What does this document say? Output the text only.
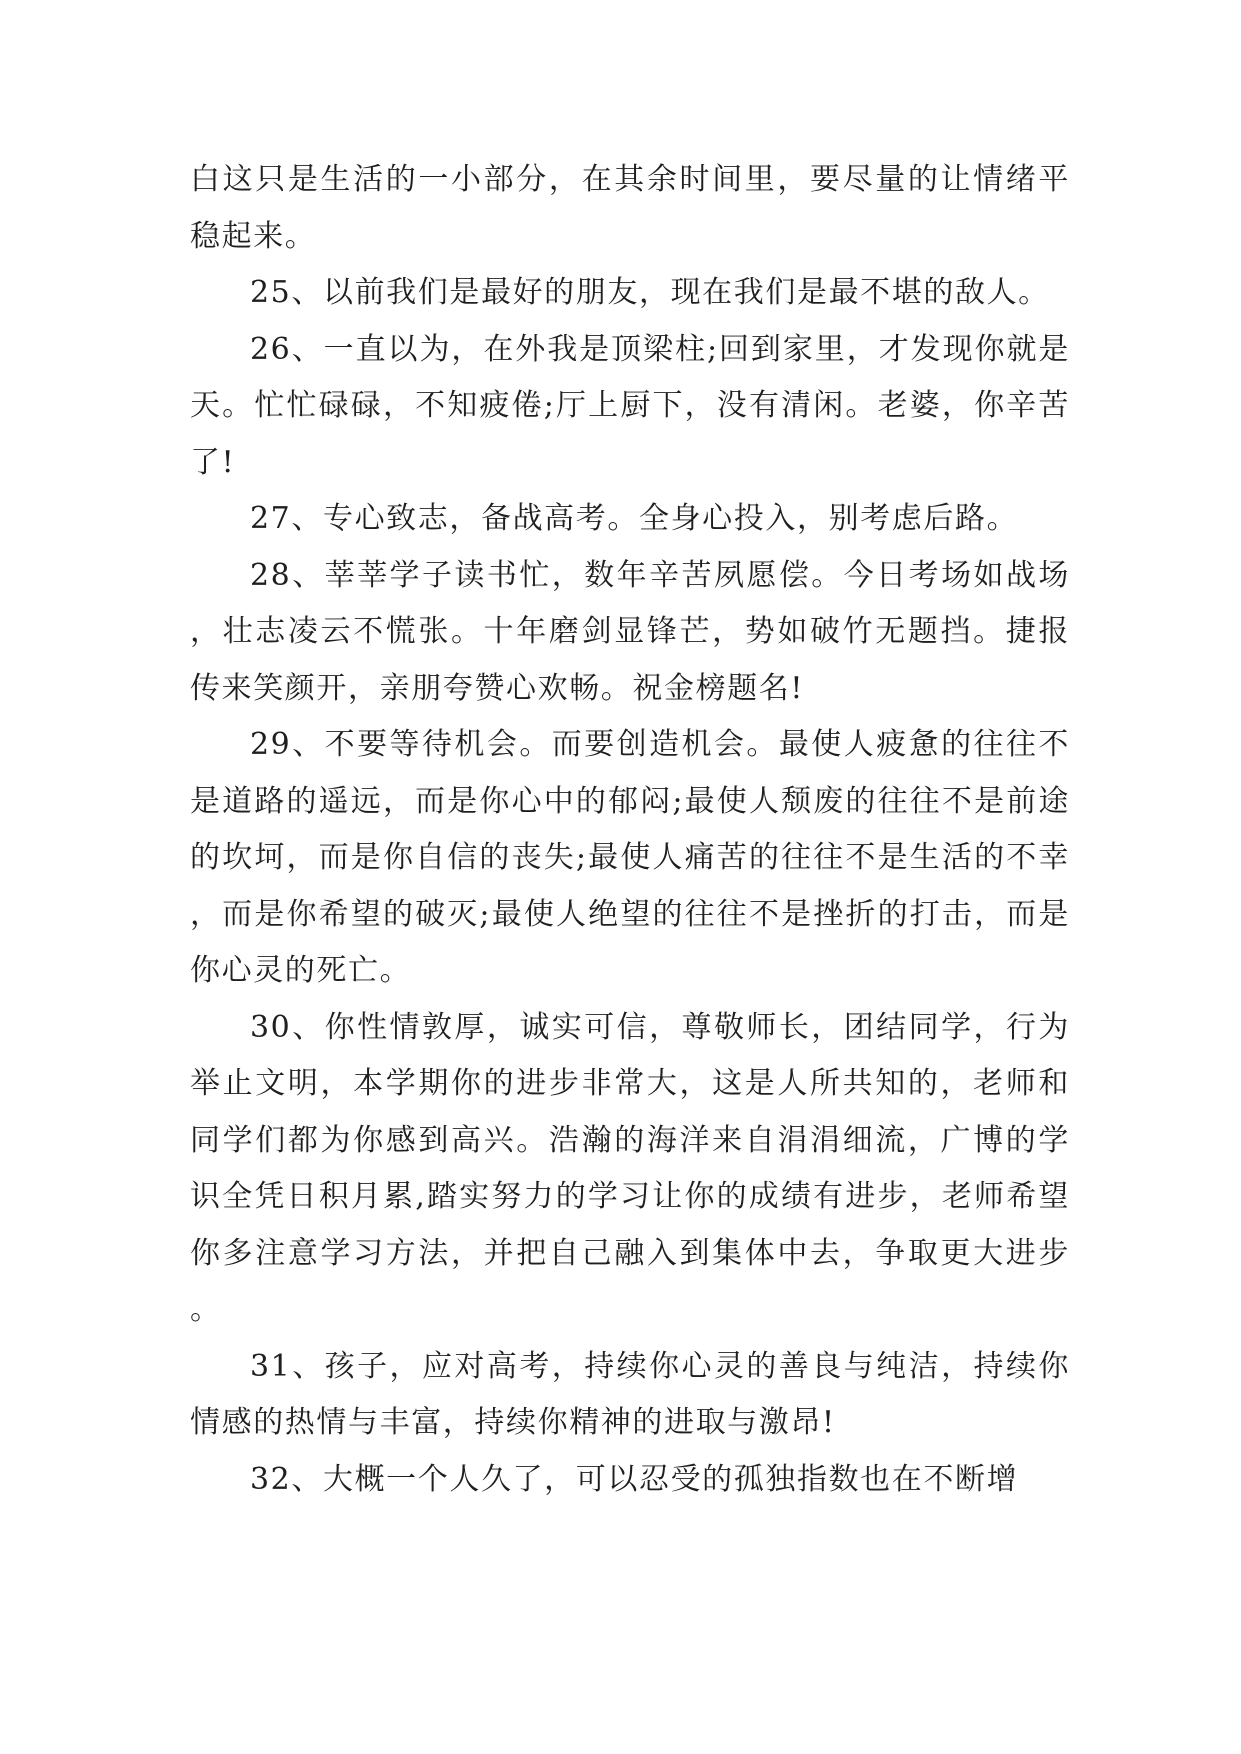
白这只是生活的一小部分，在其余时间里，要尽量的让情绪平稳起来。

25、以前我们是最好的朋友，现在我们是最不堪的敌人。

26、一直以为，在外我是顶梁柱;回到家里，才发现你就是天。忙忙碌碌，不知疲倦;厅上厨下，没有清闲。老婆，你辛苦了!

27、专心致志，备战高考。全身心投入，别考虑后路。

28、莘莘学子读书忙，数年辛苦夙愿偿。今日考场如战场，壮志凌云不慌张。十年磨剑显锋芒，势如破竹无题挡。捷报传来笑颜开，亲朋夸赞心欢畅。祝金榜题名!

29、不要等待机会。而要创造机会。最使人疲惫的往往不是道路的遥远，而是你心中的郁闷;最使人颓废的往往不是前途的坎坷，而是你自信的丧失;最使人痛苦的往往不是生活的不幸，而是你希望的破灭;最使人绝望的往往不是挫折的打击，而是你心灵的死亡。

30、你性情敦厚，诚实可信，尊敬师长，团结同学，行为举止文明，本学期你的进步非常大，这是人所共知的，老师和同学们都为你感到高兴。浩瀚的海洋来自涓涓细流，广博的学识全凭日积月累,踏实努力的学习让你的成绩有进步，老师希望你多注意学习方法，并把自己融入到集体中去，争取更大进步。

31、孩子，应对高考，持续你心灵的善良与纯洁，持续你情感的热情与丰富，持续你精神的进取与激昂!

32、大概一个人久了，可以忍受的孤独指数也在不断增
